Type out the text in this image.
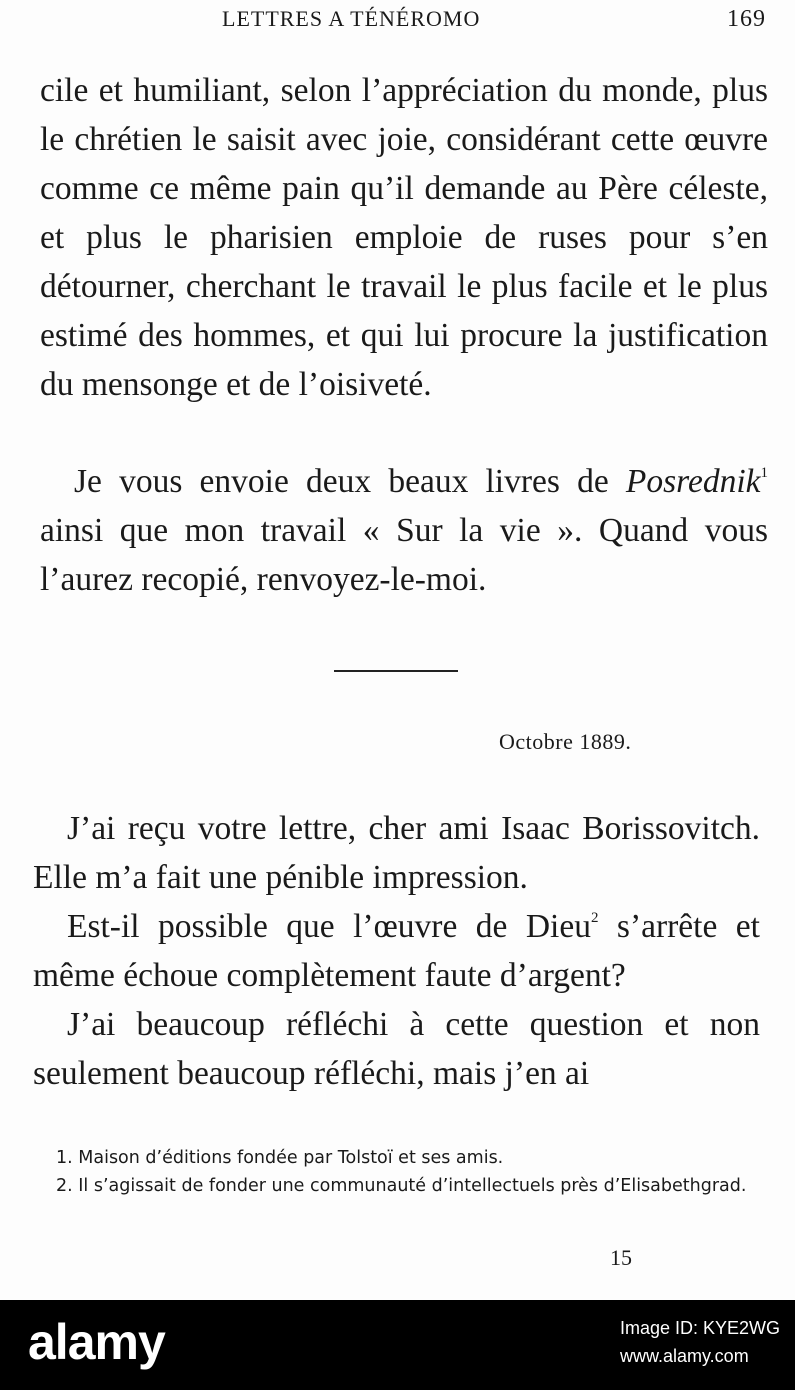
LETTRES A TÉNÉROMO	169

cile et humiliant, selon l’appréciation du monde, plus le chrétien le saisit avec joie, considérant cette œuvre comme ce même pain qu’il demande au Père céleste, et plus le pharisien emploie de ruses pour s’en détourner, cherchant le travail le plus facile et le plus estimé des hommes, et qui lui procure la justification du mensonge et de l’oisiveté.

Je vous envoie deux beaux livres de Posrednik$^1$ ainsi que mon travail « Sur la vie ». Quand vous l’aurez recopié, renvoyez-le-moi.

Octobre 1889.

J’ai reçu votre lettre, cher ami Isaac Borissovitch. Elle m’a fait une pénible impression.

Est-il possible que l’œuvre de Dieu$^2$ s’arrête et même échoue complètement faute d’argent?

J’ai beaucoup réfléchi à cette question et non seulement beaucoup réfléchi, mais j’en ai

1. Maison d’éditions fondée par Tolstoï et ses amis.

2. Il s’agissait de fonder une communauté d’intellectuels près d’Elisabethgrad.

15
alamy	Image ID: KYE2WG
www.alamy.com
